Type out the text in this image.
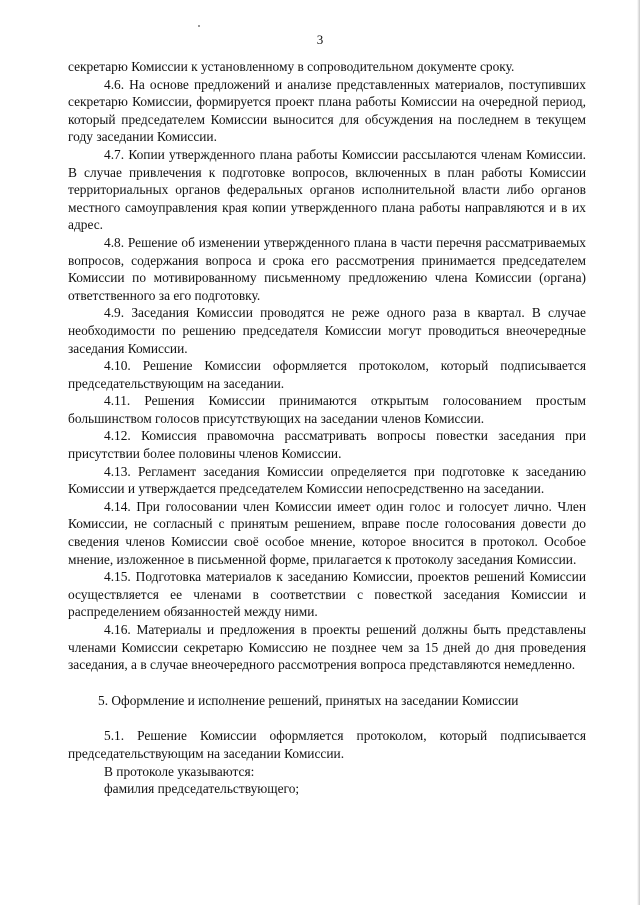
3

секретарю Комиссии к установленному в сопроводительном документе сроку.

4.6. На основе предложений и анализе представленных материалов, поступивших секретарю Комиссии, формируется проект плана работы Комиссии на очередной период, который председателем Комиссии выносится для обсуждения на последнем в текущем году заседании Комиссии.

4.7. Копии утвержденного плана работы Комиссии рассылаются членам Комиссии. В случае привлечения к подготовке вопросов, включенных в план работы Комиссии территориальных органов федеральных органов исполнительной власти либо органов местного самоуправления края копии утвержденного плана работы направляются и в их адрес.

4.8. Решение об изменении утвержденного плана в части перечня рассматриваемых вопросов, содержания вопроса и срока его рассмотрения принимается председателем Комиссии по мотивированному письменному предложению члена Комиссии (органа) ответственного за его подготовку.

4.9. Заседания Комиссии проводятся не реже одного раза в квартал. В случае необходимости по решению председателя Комиссии могут проводиться внеочередные заседания Комиссии.

4.10. Решение Комиссии оформляется протоколом, который подписывается председательствующим на заседании.

4.11. Решения Комиссии принимаются открытым голосованием простым большинством голосов присутствующих на заседании членов Комиссии.

4.12. Комиссия правомочна рассматривать вопросы повестки заседания при присутствии более половины членов Комиссии.

4.13. Регламент заседания Комиссии определяется при подготовке к заседанию Комиссии и утверждается председателем Комиссии непосредственно на заседании.

4.14. При голосовании член Комиссии имеет один голос и голосует лично. Член Комиссии, не согласный с принятым решением, вправе после голосования довести до сведения членов Комиссии своё особое мнение, которое вносится в протокол. Особое мнение, изложенное в письменной форме, прилагается к протоколу заседания Комиссии.

4.15. Подготовка материалов к заседанию Комиссии, проектов решений Комиссии осуществляется ее членами в соответствии с повесткой заседания Комиссии и распределением обязанностей между ними.

4.16. Материалы и предложения в проекты решений должны быть представлены членами Комиссии секретарю Комиссию не позднее чем за 15 дней до дня проведения заседания, а в случае внеочередного рассмотрения вопроса представляются немедленно.

5. Оформление и исполнение решений, принятых на заседании Комиссии

5.1. Решение Комиссии оформляется протоколом, который подписывается председательствующим на заседании Комиссии.

В протоколе указываются:

фамилия председательствующего;
